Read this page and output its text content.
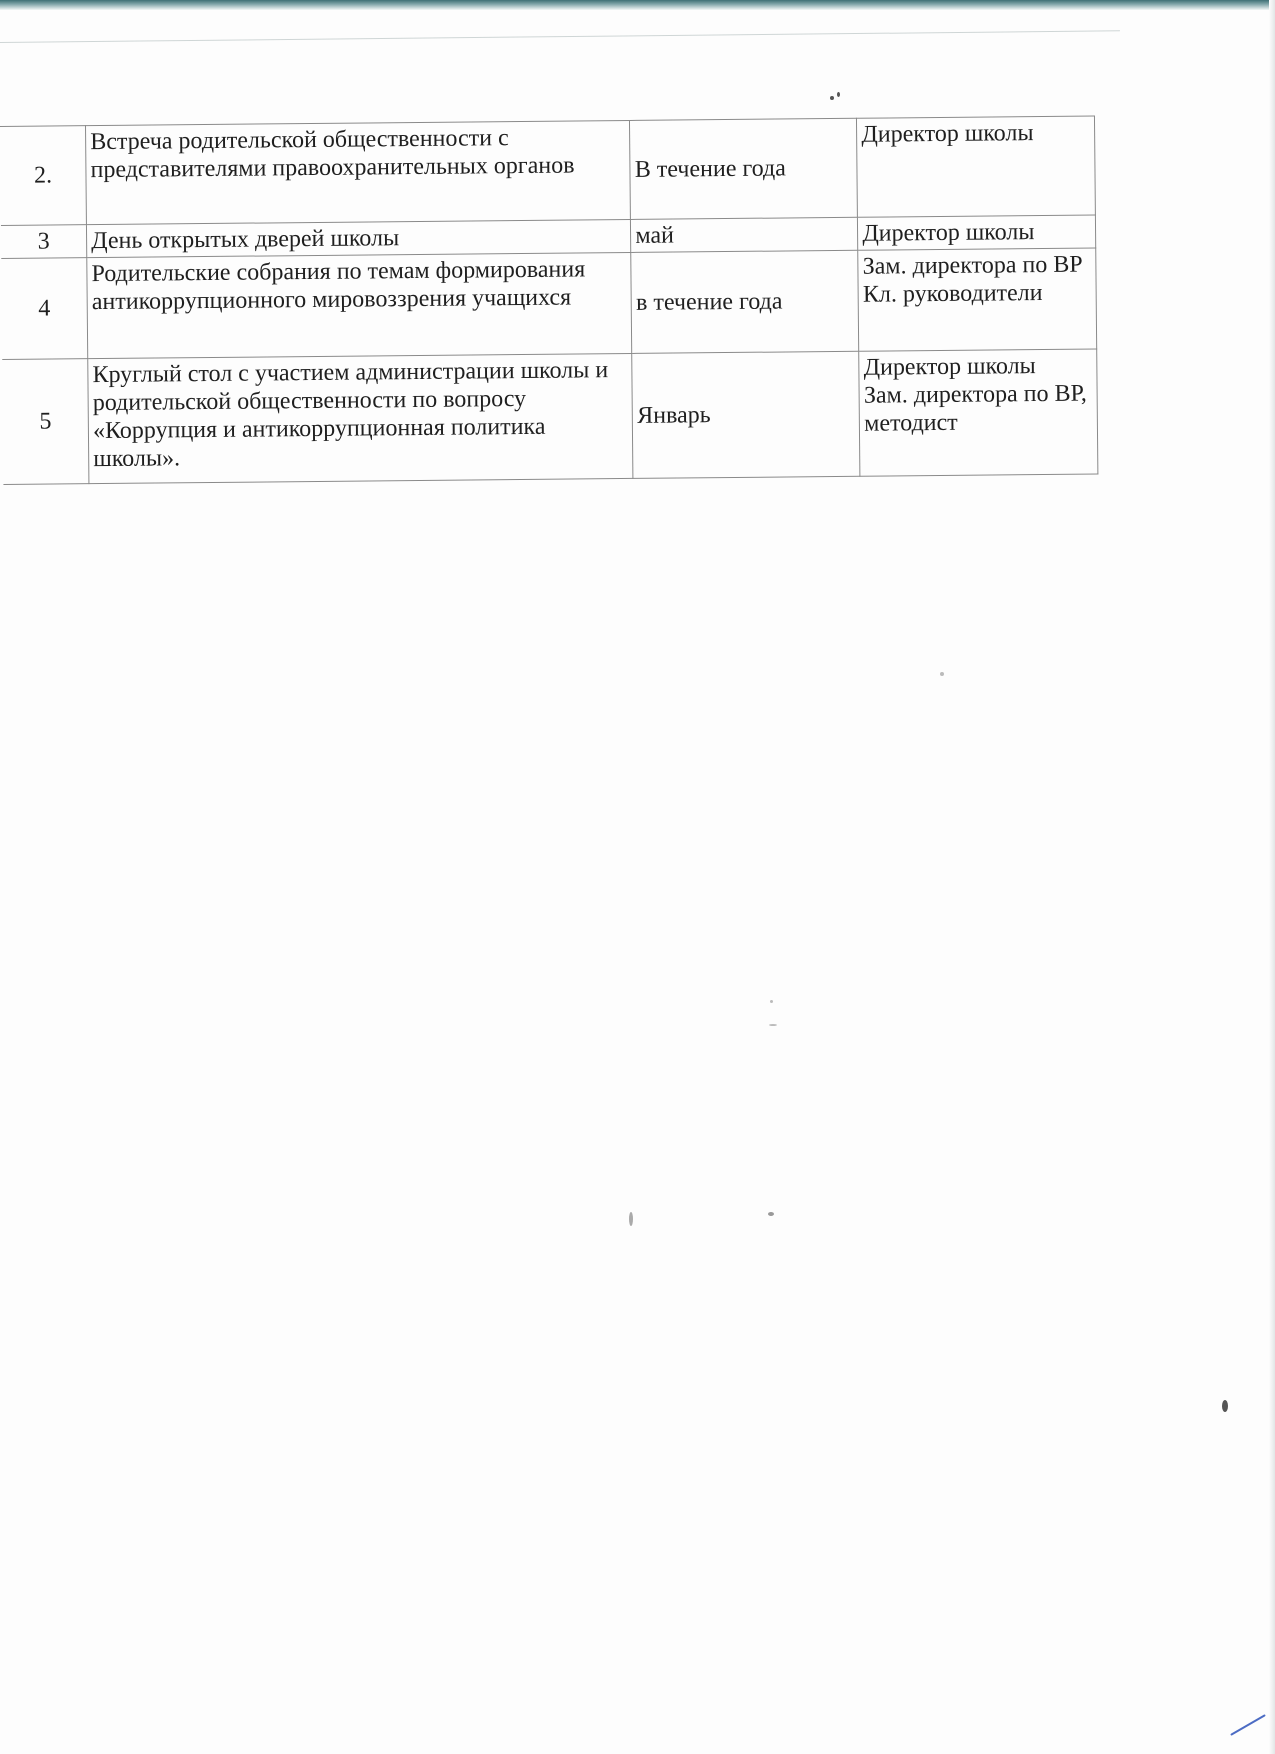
2.	Встреча родительской общественности с представителями правоохранительных органов	В течение года	Директор школы

3	День открытых дверей школы	май	Директор школы

4	Родительские собрания по темам формирования антикоррупционного мировоззрения учащихся	в течение года	Зам. директора по ВР
Кл. руководители

5	Круглый стол с участием администрации школы и родительской общественности по вопросу «Коррупция и антикоррупционная политика школы».	Январь	Директор школы
Зам. директора по ВР, методист
